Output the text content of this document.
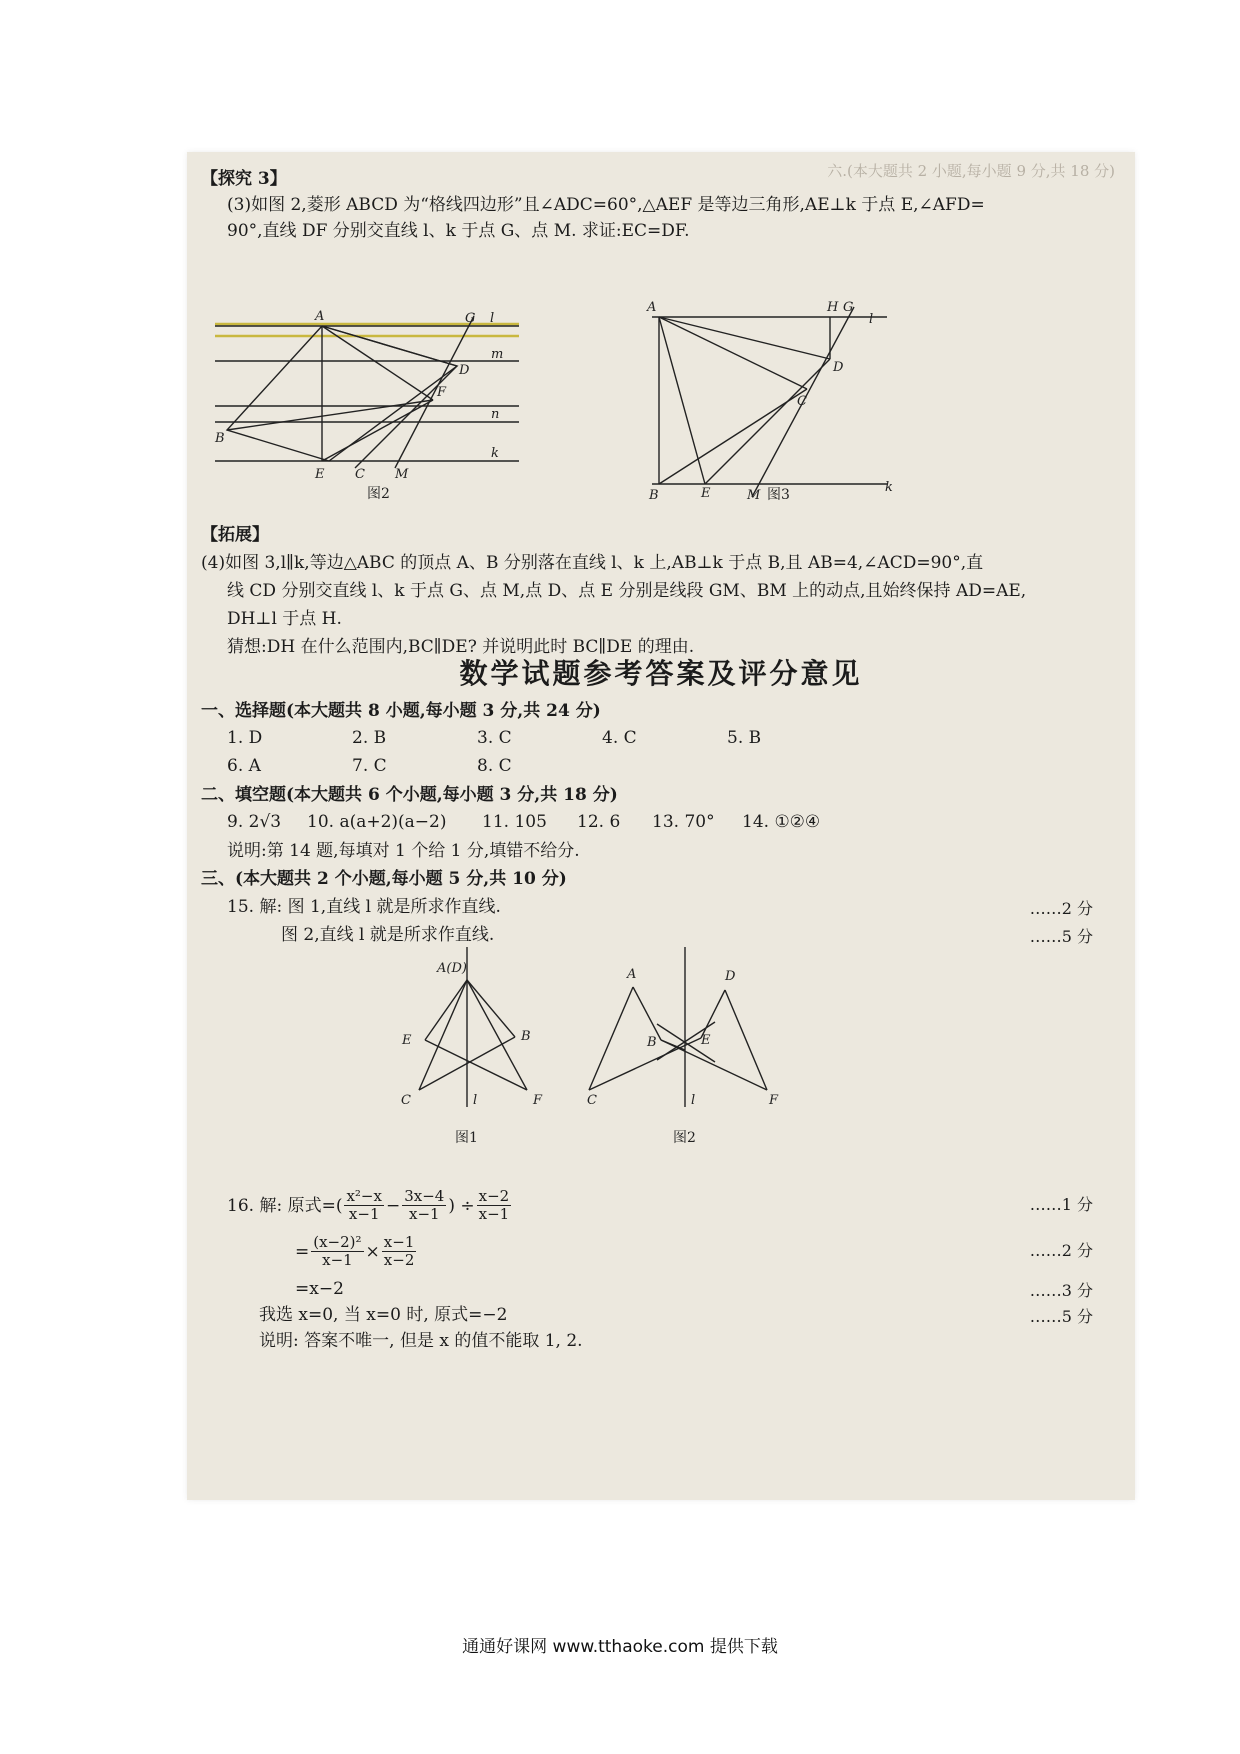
六.(本大题共 2 小题,每小题 9 分,共 18 分)
【探究 3】
(3)如图 2,菱形 ABCD 为“格线四边形”且∠ADC=60°,△AEF 是等边三角形,AE⊥k 于点 E,∠AFD=
90°,直线 DF 分别交直线 l、k 于点 G、点 M. 求证:EC=DF.
A	G l
m
D
F
n
k
B
E C M
图2
A	H G
l
D
C
B	E	M
k
图3
【拓展】
(4)如图 3,l∥k,等边△ABC 的顶点 A、B 分别落在直线 l、k 上,AB⊥k 于点 B,且 AB=4,∠ACD=90°,直
线 CD 分别交直线 l、k 于点 G、点 M,点 D、点 E 分别是线段 GM、BM 上的动点,且始终保持 AD=AE,
DH⊥l 于点 H.
猜想:DH 在什么范围内,BC∥DE? 并说明此时 BC∥DE 的理由.
数学试题参考答案及评分意见
一、选择题(本大题共 8 小题,每小题 3 分,共 24 分)
1. D	2. B	3. C	4. C	5. B
6. A	7. C	8. C
二、填空题(本大题共 6 个小题,每小题 3 分,共 18 分)
9. 2√3	10. a(a+2)(a−2)	11. 105	12. 6	13. 70°	14. ①②④
说明:第 14 题,每填对 1 个给 1 分,填错不给分.
三、(本大题共 2 个小题,每小题 5 分,共 10 分)
15. 解: 图 1,直线 l 就是所求作直线.	……2 分
图 2,直线 l 就是所求作直线.	……5 分
A(D)
E	B
C	F
l
图1
A	D
B	E
C	F
l
图2
16. 解: 原式=( $\frac{\text{x²−x}}{x-1} - \frac{3x-4}{x-1}$ ) ÷ $\frac{x-2}{x-1}$	……1 分
= $\frac{\text{(x−2)²}}{x-1} \times \frac{x-1}{x-2}$	……2 分
=x−2	……3 分
我选 x=0, 当 x=0 时, 原式=−2	……5 分
说明: 答案不唯一, 但是 x 的值不能取 1, 2.
通通好课网 www.tthaoke.com 提供下载
